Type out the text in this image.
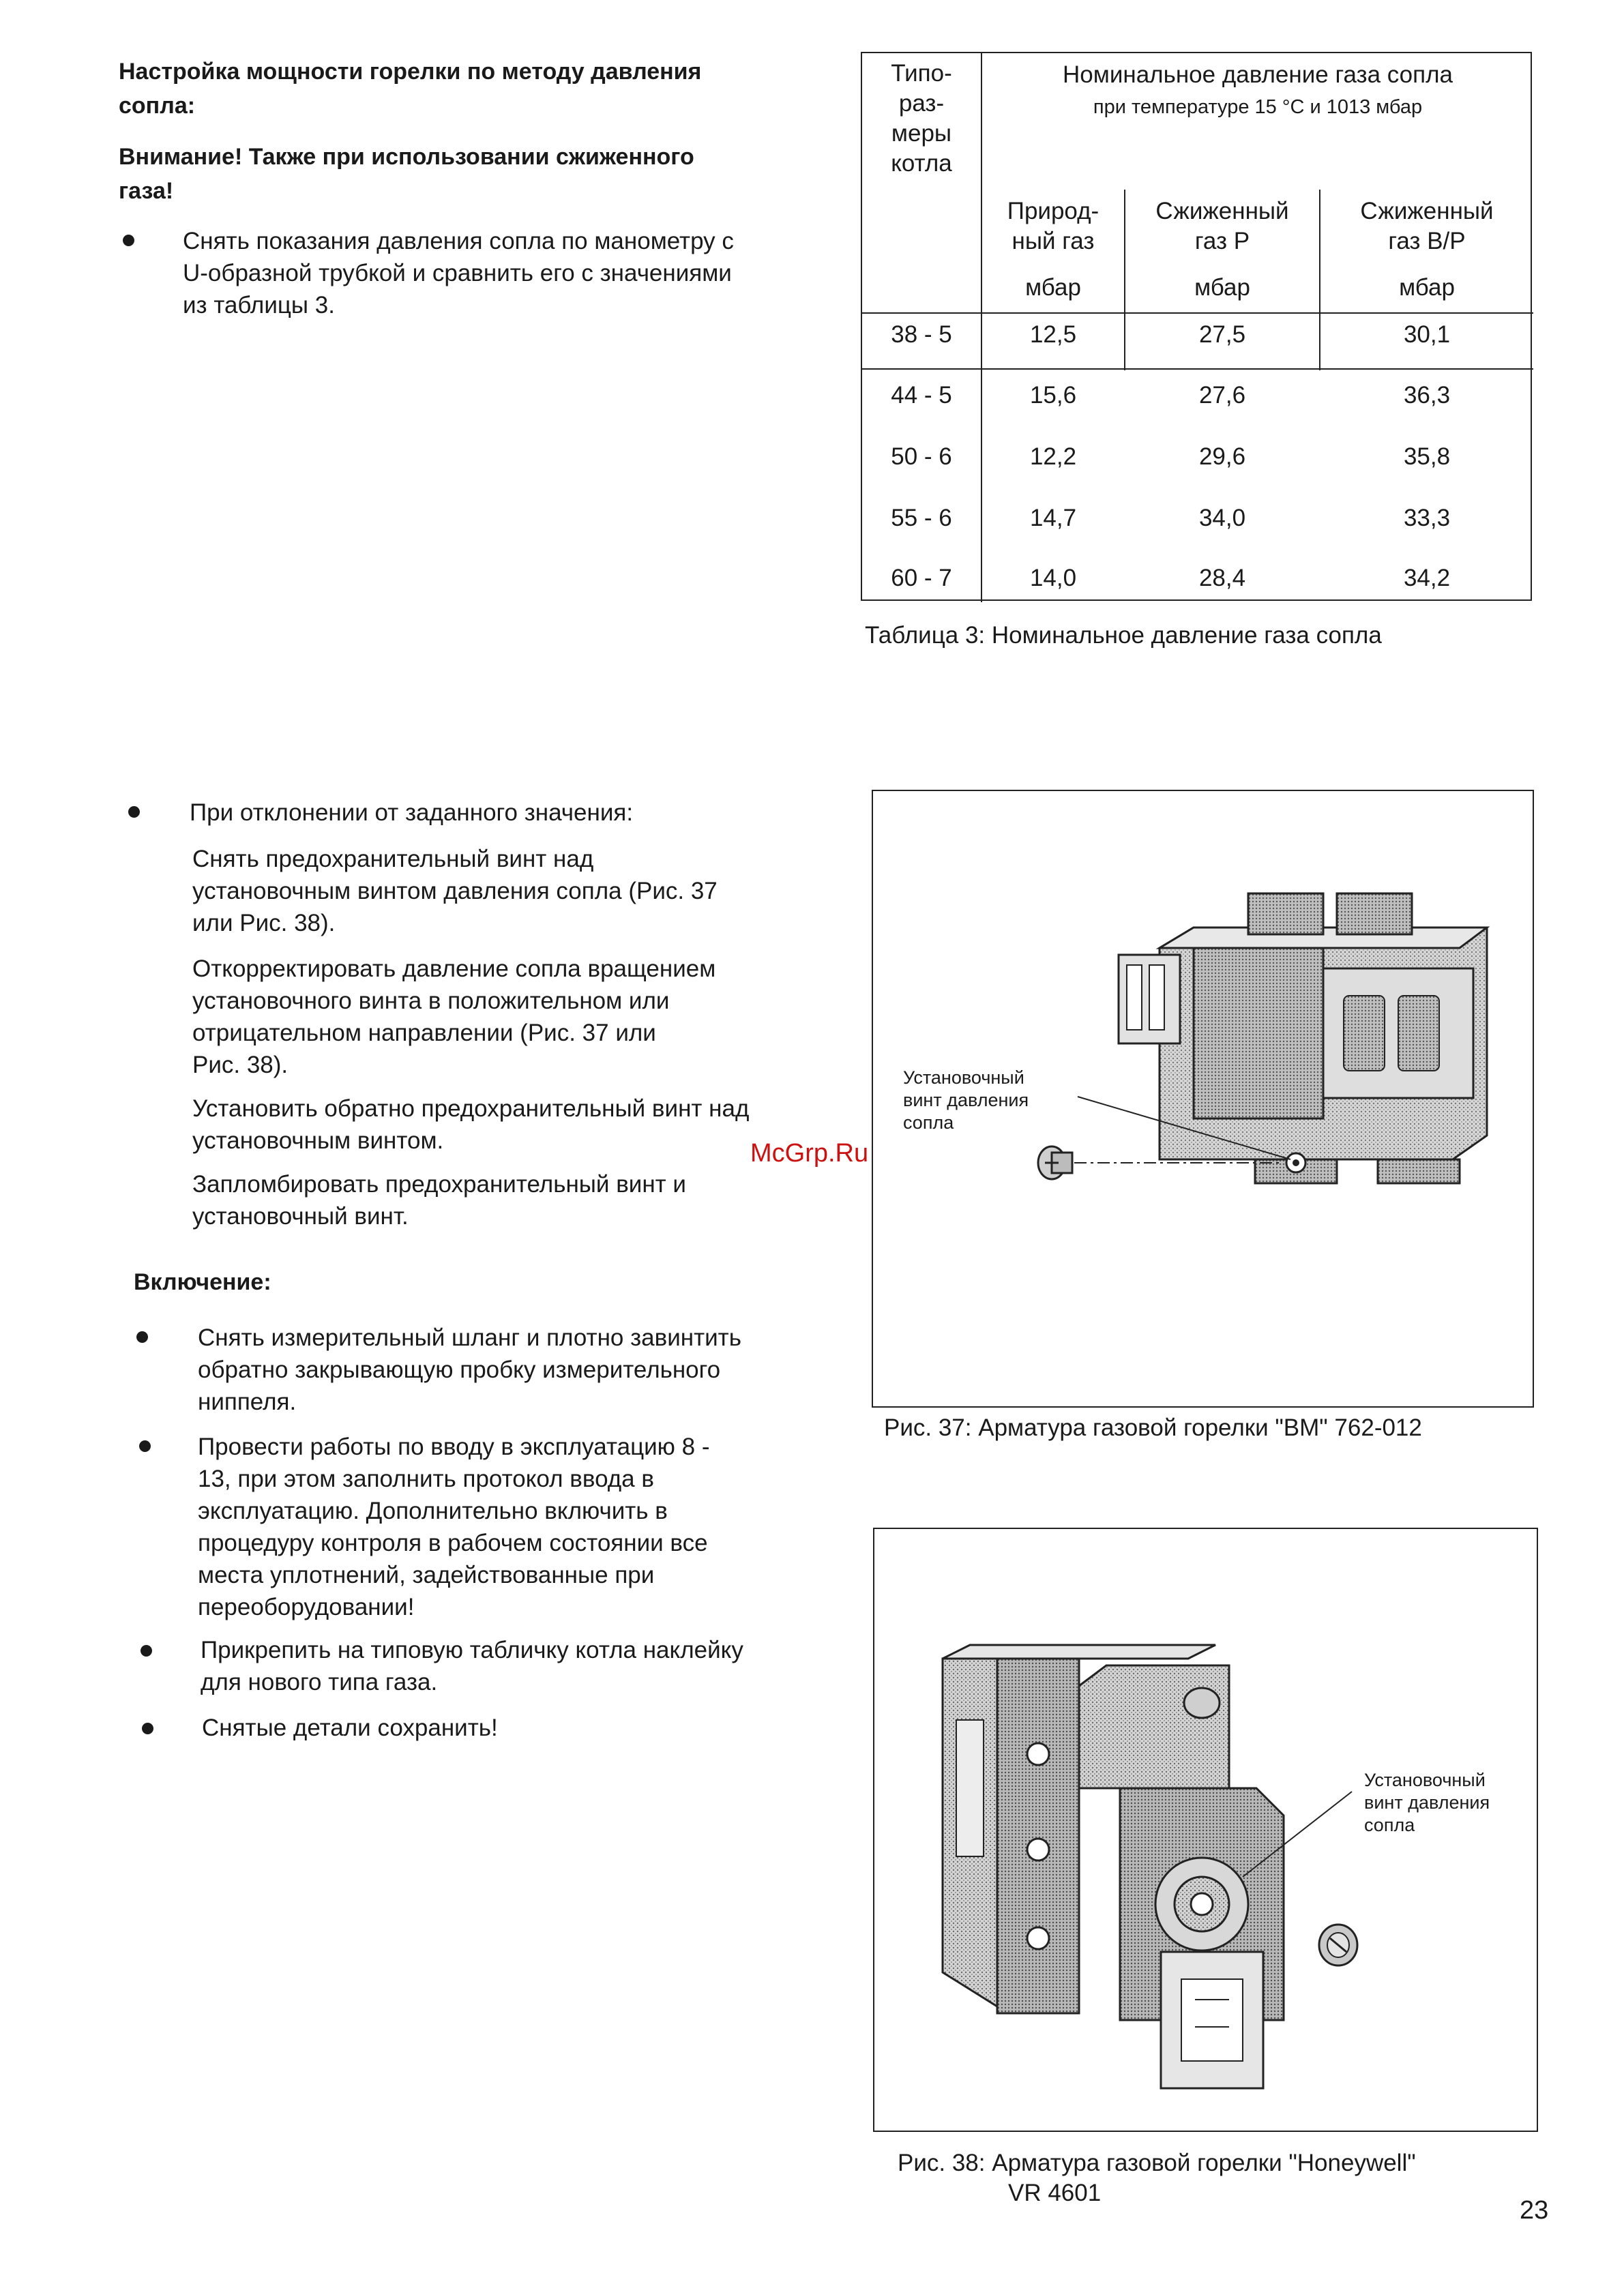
Настройка мощности горелки по методу давления
сопла:
Внимание! Также при использовании сжиженного
газа!
Снять показания давления сопла по манометру с
U-образной трубкой и сравнить его с значениями
из таблицы 3.
При отклонении от заданного значения:
Снять предохранительный винт над
установочным винтом давления сопла (Рис. 37
или Рис. 38).
Откорректировать давление сопла вращением
установочного винта в положительном или
отрицательном направлении (Рис. 37 или
Рис. 38).
Установить обратно предохранительный винт над
установочным винтом.
Запломбировать предохранительный винт и
установочный винт.
Включение:
Снять измерительный шланг и плотно завинтить
обратно закрывающую пробку измерительного
ниппеля.
Провести работы по вводу в эксплуатацию 8 -
13, при этом заполнить протокол ввода в
эксплуатацию. Дополнительно включить в
процедуру контроля в рабочем состоянии все
места уплотнений, задействованные при
переоборудовании!
Прикрепить на типовую табличку котла наклейку
для нового типа газа.
Снятые детали сохранить!
Типо-
раз-
меры
котла
Номинальное давление газа сопла
при температуре 15 °С и 1013 мбар
Природ-
ный газ
Сжиженный
газ Р
Сжиженный
газ В/Р
мбар	мбар	мбар
38 - 5	12,5	27,5	30,1
44 - 5	15,6	27,6	36,3
50 - 6	12,2	29,6	35,8
55 - 6	14,7	34,0	33,3
60 - 7	14,0	28,4	34,2
Таблица 3: Номинальное давление газа сопла
Установочный
винт давления
сопла
Рис. 37: Арматура газовой горелки "ВМ" 762-012
Установочный
винт давления
сопла
Рис. 38: Арматура газовой горелки "Honeywell"
VR 4601
McGrp.Ru
23
